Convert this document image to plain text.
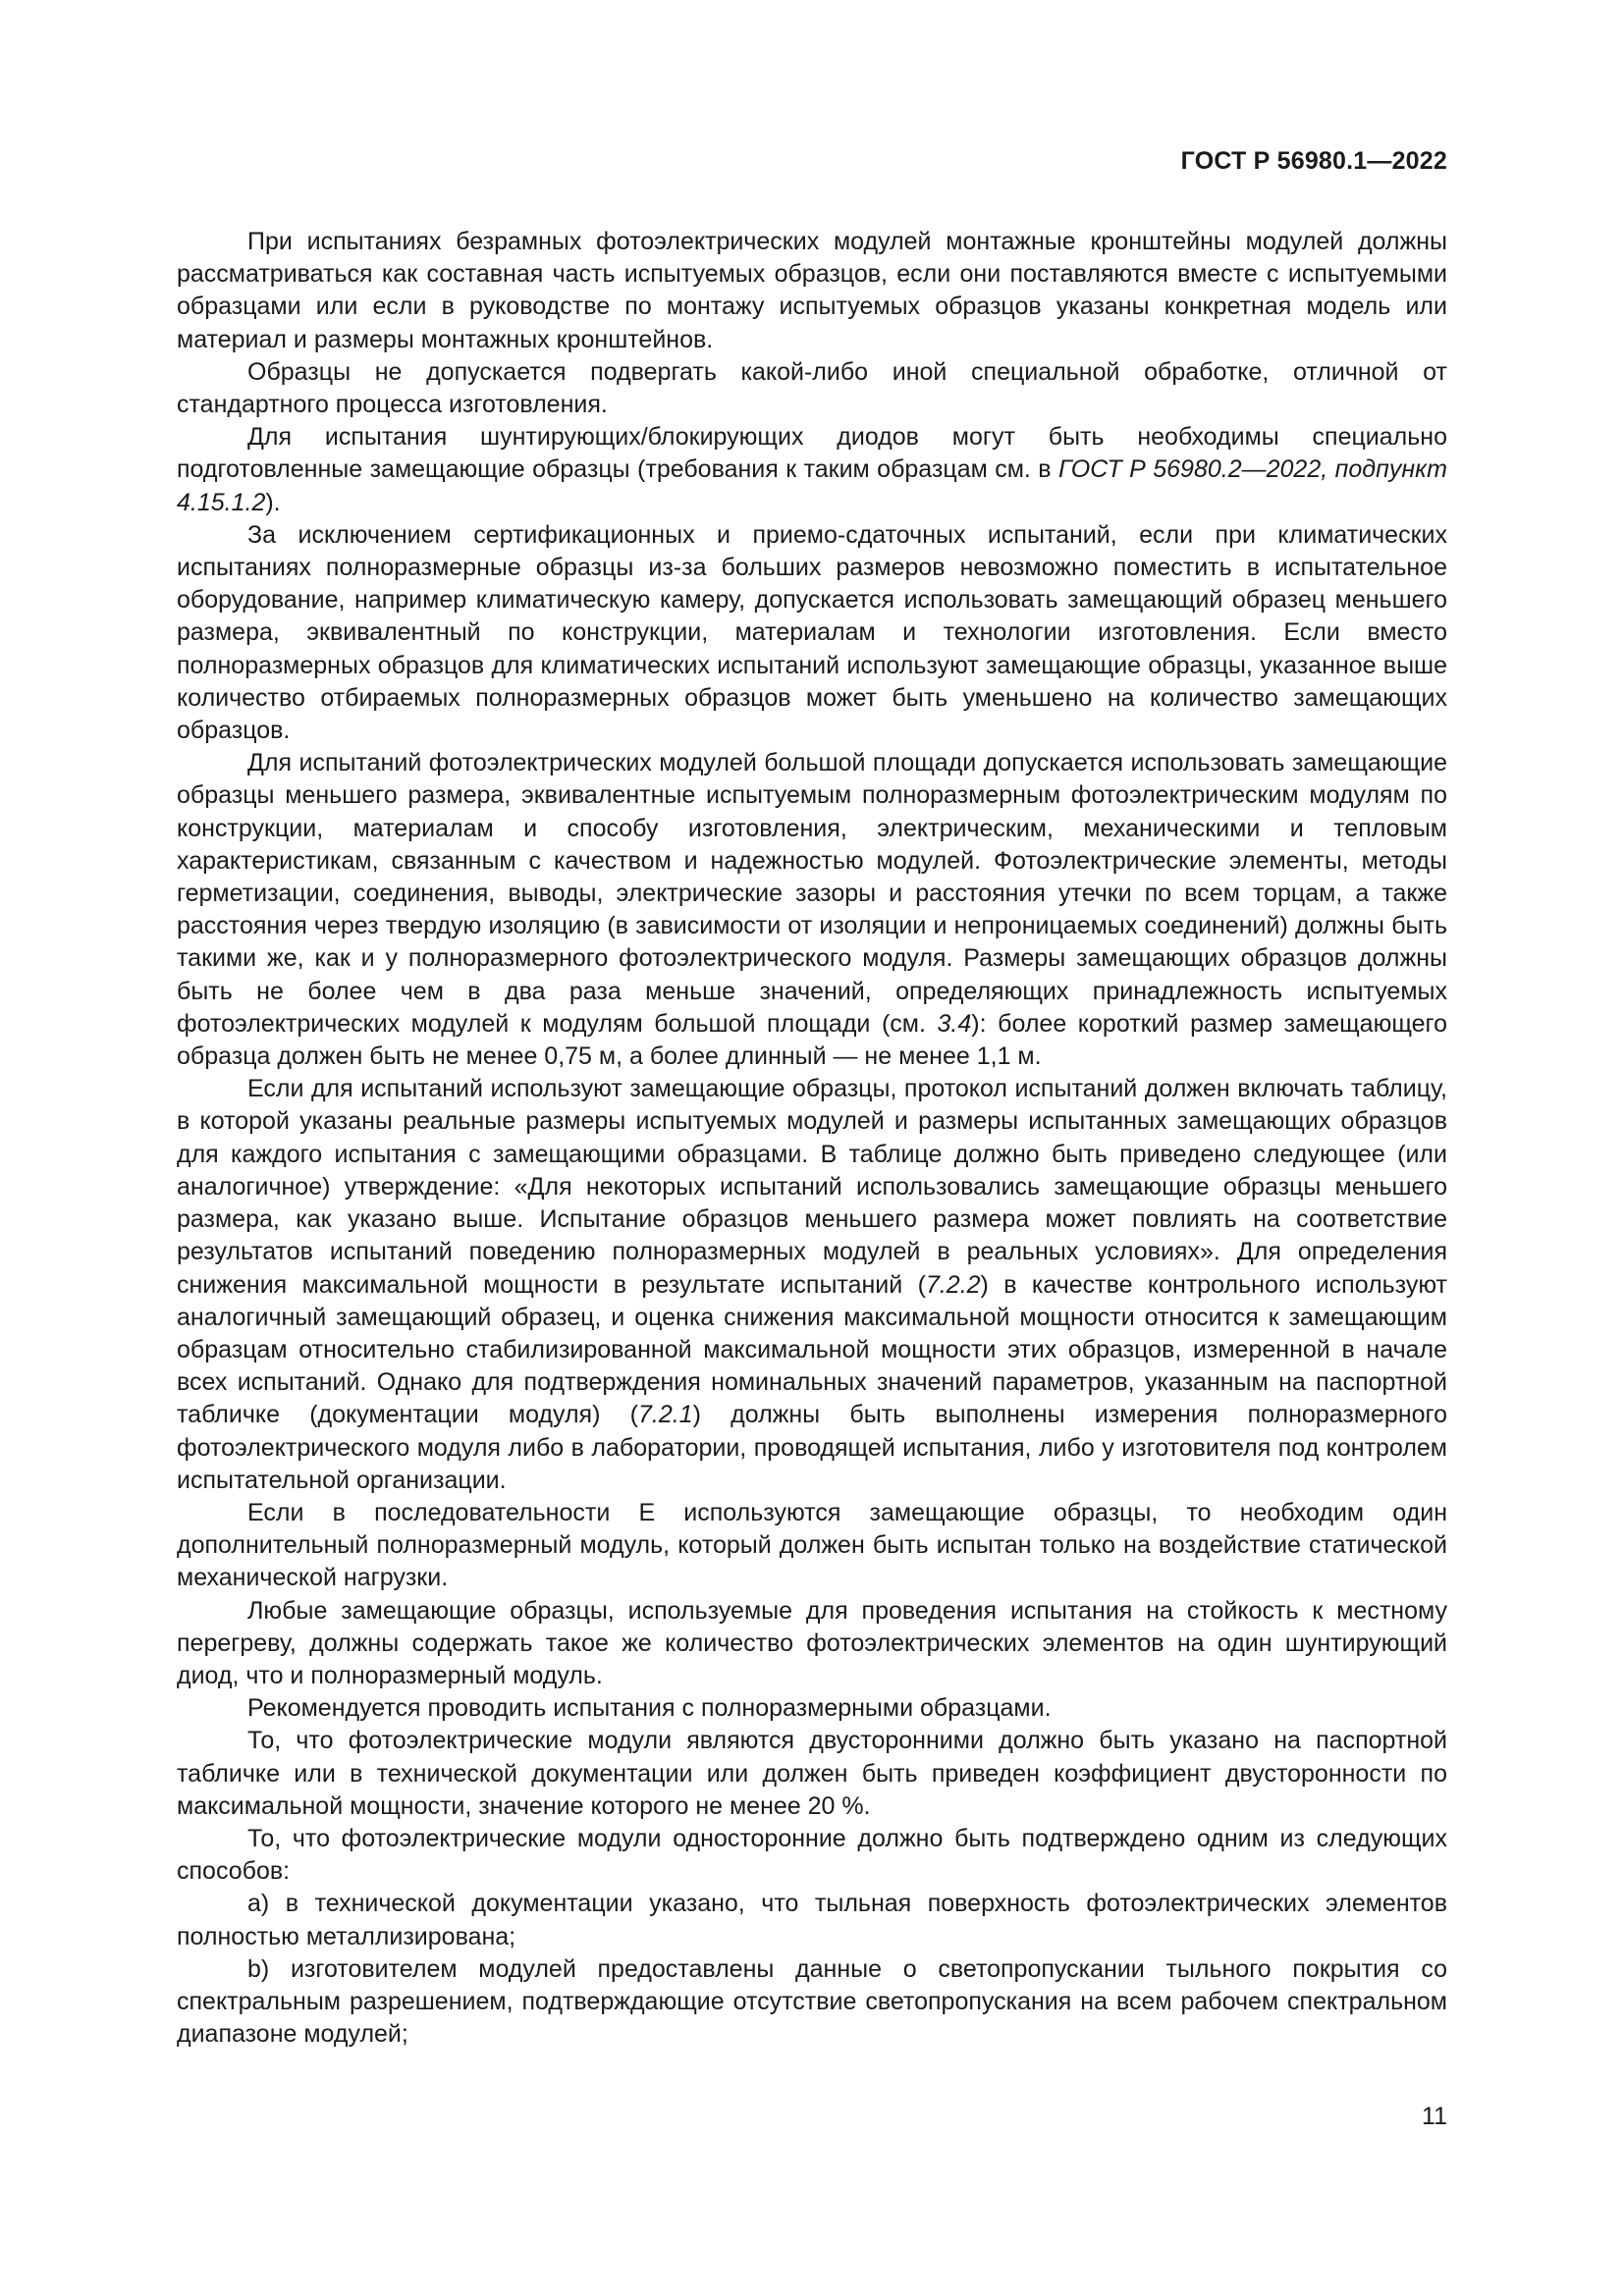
ГОСТ Р 56980.1—2022

При испытаниях безрамных фотоэлектрических модулей монтажные кронштейны модулей должны рассматриваться как составная часть испытуемых образцов, если они поставляются вместе с испытуемыми образцами или если в руководстве по монтажу испытуемых образцов указаны конкретная модель или материал и размеры монтажных кронштейнов.

Образцы не допускается подвергать какой-либо иной специальной обработке, отличной от стандартного процесса изготовления.

Для испытания шунтирующих/блокирующих диодов могут быть необходимы специально подготовленные замещающие образцы (требования к таким образцам см. в ГОСТ Р 56980.2—2022, подпункт 4.15.1.2).

За исключением сертификационных и приемо-сдаточных испытаний, если при климатических испытаниях полноразмерные образцы из-за больших размеров невозможно поместить в испытательное оборудование, например климатическую камеру, допускается использовать замещающий образец меньшего размера, эквивалентный по конструкции, материалам и технологии изготовления. Если вместо полноразмерных образцов для климатических испытаний используют замещающие образцы, указанное выше количество отбираемых полноразмерных образцов может быть уменьшено на количество замещающих образцов.

Для испытаний фотоэлектрических модулей большой площади допускается использовать замещающие образцы меньшего размера, эквивалентные испытуемым полноразмерным фотоэлектрическим модулям по конструкции, материалам и способу изготовления, электрическим, механическими и тепловым характеристикам, связанным с качеством и надежностью модулей. Фотоэлектрические элементы, методы герметизации, соединения, выводы, электрические зазоры и расстояния утечки по всем торцам, а также расстояния через твердую изоляцию (в зависимости от изоляции и непроницаемых соединений) должны быть такими же, как и у полноразмерного фотоэлектрического модуля. Размеры замещающих образцов должны быть не более чем в два раза меньше значений, определяющих принадлежность испытуемых фотоэлектрических модулей к модулям большой площади (см. 3.4): более короткий размер замещающего образца должен быть не менее 0,75 м, а более длинный — не менее 1,1 м.

Если для испытаний используют замещающие образцы, протокол испытаний должен включать таблицу, в которой указаны реальные размеры испытуемых модулей и размеры испытанных замещающих образцов для каждого испытания с замещающими образцами. В таблице должно быть приведено следующее (или аналогичное) утверждение: «Для некоторых испытаний использовались замещающие образцы меньшего размера, как указано выше. Испытание образцов меньшего размера может повлиять на соответствие результатов испытаний поведению полноразмерных модулей в реальных условиях». Для определения снижения максимальной мощности в результате испытаний (7.2.2) в качестве контрольного используют аналогичный замещающий образец, и оценка снижения максимальной мощности относится к замещающим образцам относительно стабилизированной максимальной мощности этих образцов, измеренной в начале всех испытаний. Однако для подтверждения номинальных значений параметров, указанным на паспортной табличке (документации модуля) (7.2.1) должны быть выполнены измерения полноразмерного фотоэлектрического модуля либо в лаборатории, проводящей испытания, либо у изготовителя под контролем испытательной организации.

Если в последовательности Е используются замещающие образцы, то необходим один дополнительный полноразмерный модуль, который должен быть испытан только на воздействие статической механической нагрузки.

Любые замещающие образцы, используемые для проведения испытания на стойкость к местному перегреву, должны содержать такое же количество фотоэлектрических элементов на один шунтирующий диод, что и полноразмерный модуль.

Рекомендуется проводить испытания с полноразмерными образцами.

То, что фотоэлектрические модули являются двусторонними должно быть указано на паспортной табличке или в технической документации или должен быть приведен коэффициент двусторонности по максимальной мощности, значение которого не менее 20 %.

То, что фотоэлектрические модули односторонние должно быть подтверждено одним из следующих способов:

а) в технической документации указано, что тыльная поверхность фотоэлектрических элементов полностью металлизирована;

b) изготовителем модулей предоставлены данные о светопропускании тыльного покрытия со спектральным разрешением, подтверждающие отсутствие светопропускания на всем рабочем спектральном диапазоне модулей;

11
